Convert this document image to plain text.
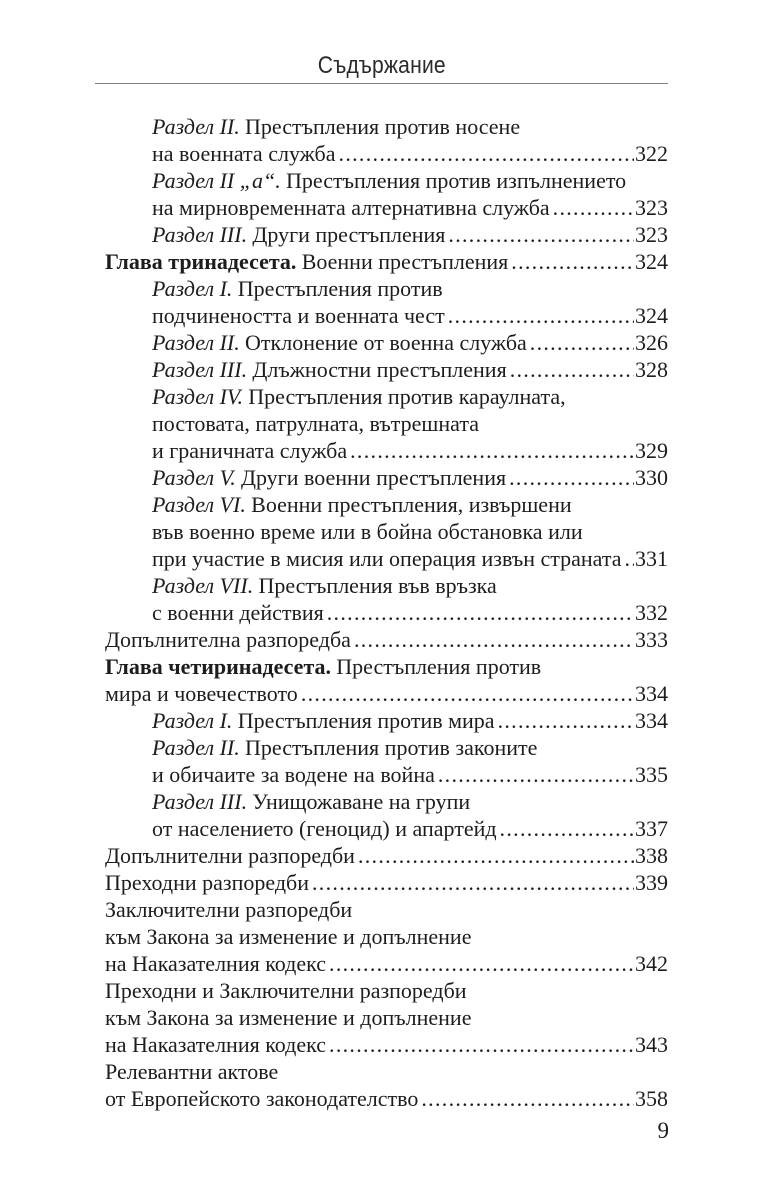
Съдържание
Раздел II. Престъпления против носене
на военната служба .....	322
Раздел II „а“. Престъпления против изпълнението
на мирновременната алтернативна служба .....	323
Раздел III. Други престъпления .....	323
Глава тринадесета. Военни престъпления .....	324
Раздел I. Престъпления против
подчинеността и военната чест .....	324
Раздел II. Отклонение от военна служба .....	326
Раздел III. Длъжностни престъпления .....	328
Раздел IV. Престъпления против караулната,
постовата, патрулната, вътрешната
и граничната служба .....	329
Раздел V. Други военни престъпления .....	330
Раздел VI. Военни престъпления, извършени
във военно време или в бойна обстановка или
при участие в мисия или операция извън страната ..... 331
Раздел VII. Престъпления във връзка
с военни действия .....	332
Допълнителна разпоредба .....	333
Глава четиринадесета. Престъпления против
мира и човечеството .....	334
Раздел I. Престъпления против мира .....	334
Раздел II. Престъпления против законите
и обичаите за водене на война .....	335
Раздел III. Унищожаване на групи
от населението (геноцид) и апартейд .....	337
Допълнителни разпоредби .....	338
Преходни разпоредби .....	339
Заключителни разпоредби
към Закона за изменение и допълнение
на Наказателния кодекс .....	342
Преходни и Заключителни разпоредби
към Закона за изменение и допълнение
на Наказателния кодекс .....	343
Релевантни актове
от Европейското законодателство .....	358
9
